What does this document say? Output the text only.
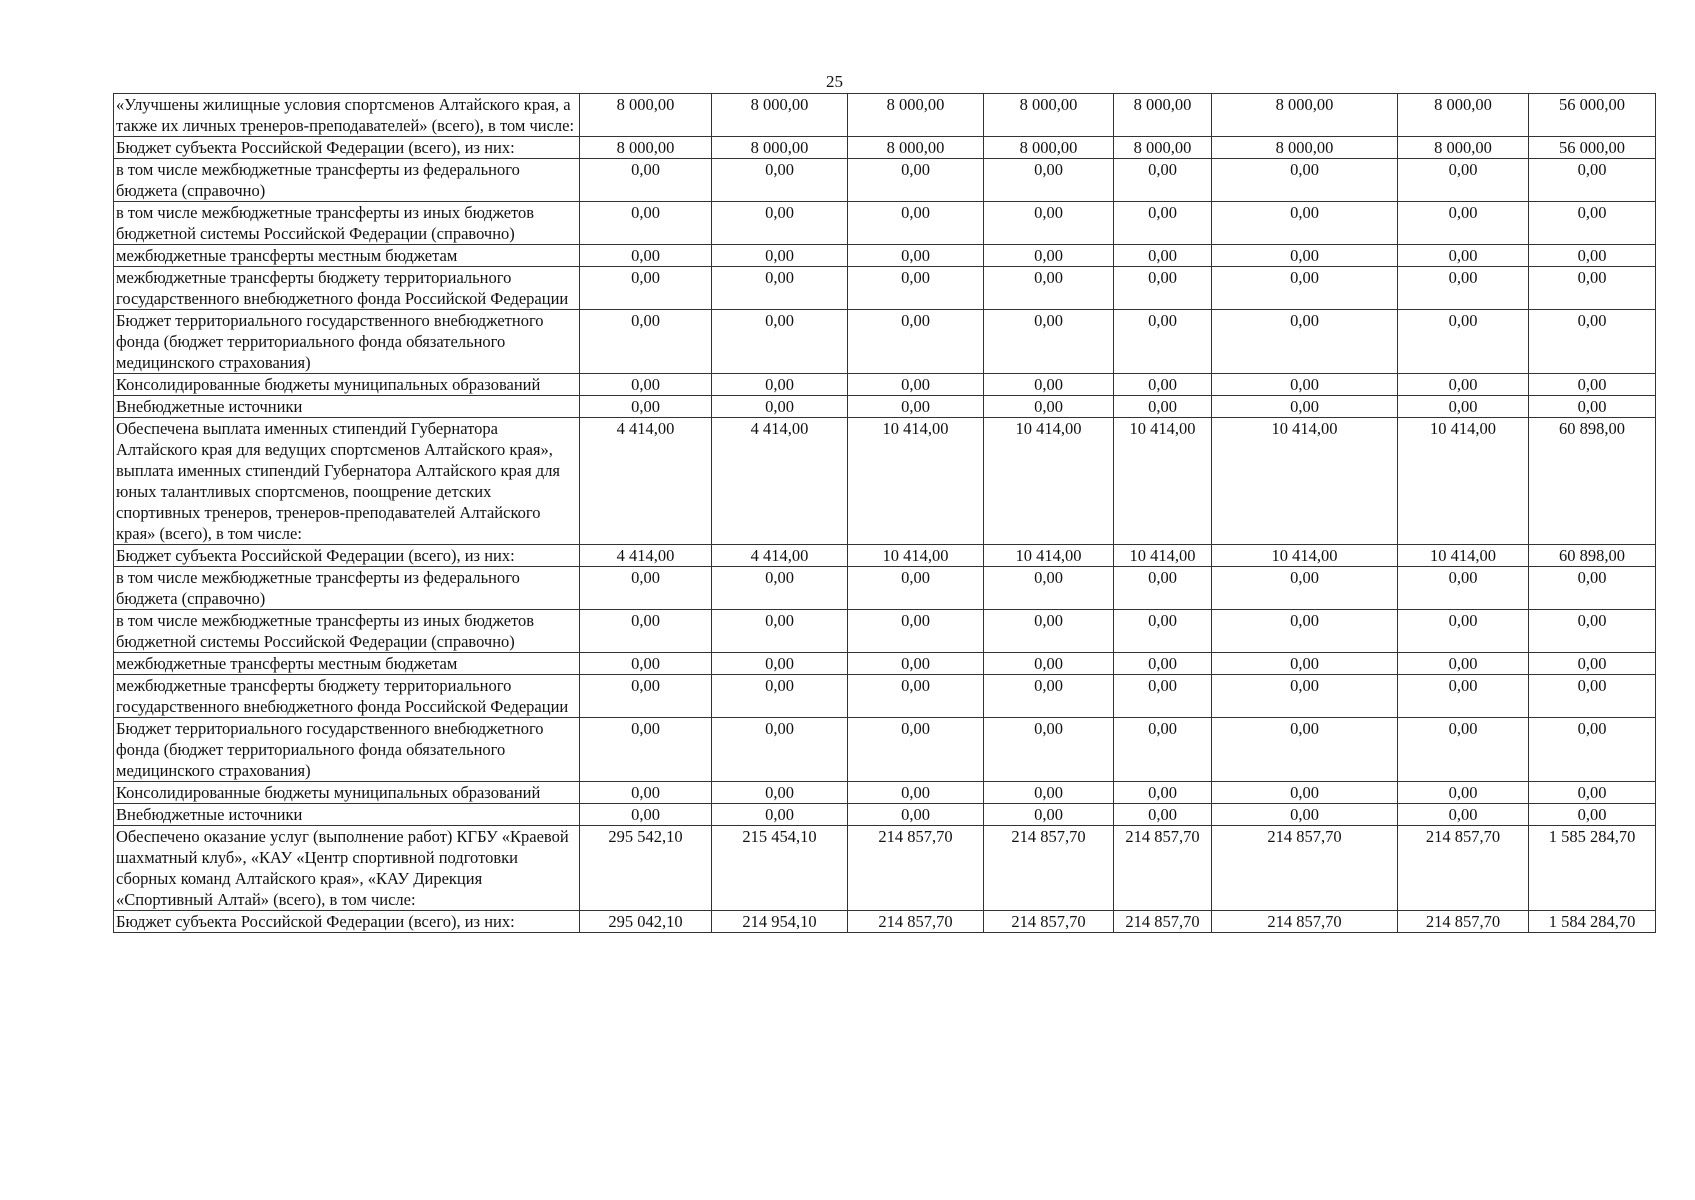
25
«Улучшены жилищные условия спортсменов Алтайского края, а также их личных тренеров-преподавателей» (всего), в том числе:	8 000,00	8 000,00	8 000,00	8 000,00	8 000,00	8 000,00	8 000,00	56 000,00
Бюджет субъекта Российской Федерации (всего), из них:	8 000,00	8 000,00	8 000,00	8 000,00	8 000,00	8 000,00	8 000,00	56 000,00
в том числе межбюджетные трансферты из федерального бюджета (справочно)	0,00	0,00	0,00	0,00	0,00	0,00	0,00	0,00
в том числе межбюджетные трансферты из иных бюджетов бюджетной системы Российской Федерации (справочно)	0,00	0,00	0,00	0,00	0,00	0,00	0,00	0,00
межбюджетные трансферты местным бюджетам	0,00	0,00	0,00	0,00	0,00	0,00	0,00	0,00
межбюджетные трансферты бюджету территориального государственного внебюджетного фонда Российской Федерации	0,00	0,00	0,00	0,00	0,00	0,00	0,00	0,00
Бюджет территориального государственного внебюджетного фонда (бюджет территориального фонда обязательного медицинского страхования)	0,00	0,00	0,00	0,00	0,00	0,00	0,00	0,00
Консолидированные бюджеты муниципальных образований	0,00	0,00	0,00	0,00	0,00	0,00	0,00	0,00
Внебюджетные источники	0,00	0,00	0,00	0,00	0,00	0,00	0,00	0,00
Обеспечена выплата именных стипендий Губернатора Алтайского края для ведущих спортсменов Алтайского края», выплата именных стипендий Губернатора Алтайского края для юных талантливых спортсменов, поощрение детских спортивных тренеров, тренеров-преподавателей Алтайского края» (всего), в том числе:	4 414,00	4 414,00	10 414,00	10 414,00	10 414,00	10 414,00	10 414,00	60 898,00
Бюджет субъекта Российской Федерации (всего), из них:	4 414,00	4 414,00	10 414,00	10 414,00	10 414,00	10 414,00	10 414,00	60 898,00
в том числе межбюджетные трансферты из федерального бюджета (справочно)	0,00	0,00	0,00	0,00	0,00	0,00	0,00	0,00
в том числе межбюджетные трансферты из иных бюджетов бюджетной системы Российской Федерации (справочно)	0,00	0,00	0,00	0,00	0,00	0,00	0,00	0,00
межбюджетные трансферты местным бюджетам	0,00	0,00	0,00	0,00	0,00	0,00	0,00	0,00
межбюджетные трансферты бюджету территориального государственного внебюджетного фонда Российской Федерации	0,00	0,00	0,00	0,00	0,00	0,00	0,00	0,00
Бюджет территориального государственного внебюджетного фонда (бюджет территориального фонда обязательного медицинского страхования)	0,00	0,00	0,00	0,00	0,00	0,00	0,00	0,00
Консолидированные бюджеты муниципальных образований	0,00	0,00	0,00	0,00	0,00	0,00	0,00	0,00
Внебюджетные источники	0,00	0,00	0,00	0,00	0,00	0,00	0,00	0,00
Обеспечено оказание услуг (выполнение работ) КГБУ «Краевой шахматный клуб», «КАУ «Центр спортивной подготовки сборных команд Алтайского края», «КАУ Дирекция «Спортивный Алтай» (всего), в том числе:	295 542,10	215 454,10	214 857,70	214 857,70	214 857,70	214 857,70	214 857,70	1 585 284,70
Бюджет субъекта Российской Федерации (всего), из них:	295 042,10	214 954,10	214 857,70	214 857,70	214 857,70	214 857,70	214 857,70	1 584 284,70
